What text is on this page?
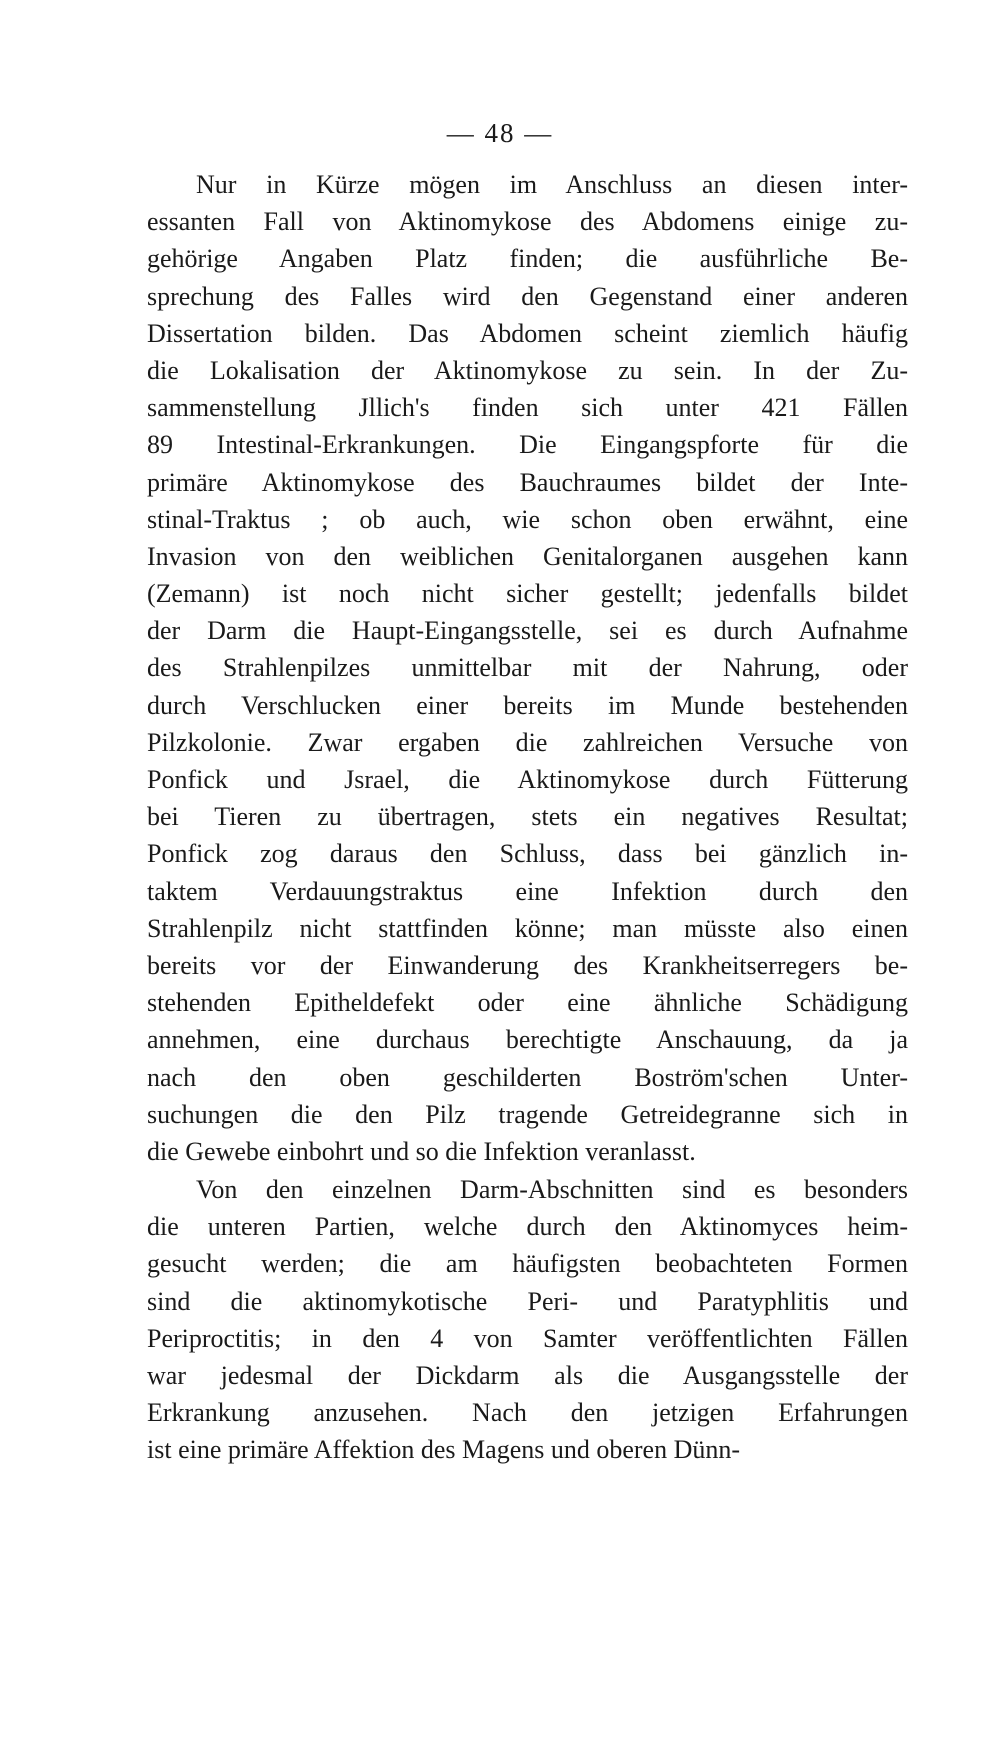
— 48 —
Nur in Kürze mögen im Anschluss an diesen inter-
essanten Fall von Aktinomykose des Abdomens einige zu-
gehörige Angaben Platz finden; die ausführliche Be-
sprechung des Falles wird den Gegenstand einer anderen
Dissertation bilden. Das Abdomen scheint ziemlich häufig
die Lokalisation der Aktinomykose zu sein. In der Zu-
sammenstellung Jllich's finden sich unter 421 Fällen
89 Intestinal-Erkrankungen. Die Eingangspforte für die
primäre Aktinomykose des Bauchraumes bildet der Inte-
stinal-Traktus ; ob auch, wie schon oben erwähnt, eine
Invasion von den weiblichen Genitalorganen ausgehen kann
(Zemann) ist noch nicht sicher gestellt; jedenfalls bildet
der Darm die Haupt-Eingangsstelle, sei es durch Aufnahme
des Strahlenpilzes unmittelbar mit der Nahrung, oder
durch Verschlucken einer bereits im Munde bestehenden
Pilzkolonie. Zwar ergaben die zahlreichen Versuche von
Ponfick und Jsrael, die Aktinomykose durch Fütterung
bei Tieren zu übertragen, stets ein negatives Resultat;
Ponfick zog daraus den Schluss, dass bei gänzlich in-
taktem Verdauungstraktus eine Infektion durch den
Strahlenpilz nicht stattfinden könne; man müsste also einen
bereits vor der Einwanderung des Krankheitserregers be-
stehenden Epitheldefekt oder eine ähnliche Schädigung
annehmen, eine durchaus berechtigte Anschauung, da ja
nach den oben geschilderten Boström'schen Unter-
suchungen die den Pilz tragende Getreidegranne sich in
die Gewebe einbohrt und so die Infektion veranlasst.
Von den einzelnen Darm-Abschnitten sind es besonders
die unteren Partien, welche durch den Aktinomyces heim-
gesucht werden; die am häufigsten beobachteten Formen
sind die aktinomykotische Peri- und Paratyphlitis und
Periproctitis; in den 4 von Samter veröffentlichten Fällen
war jedesmal der Dickdarm als die Ausgangsstelle der
Erkrankung anzusehen. Nach den jetzigen Erfahrungen
ist eine primäre Affektion des Magens und oberen Dünn-
